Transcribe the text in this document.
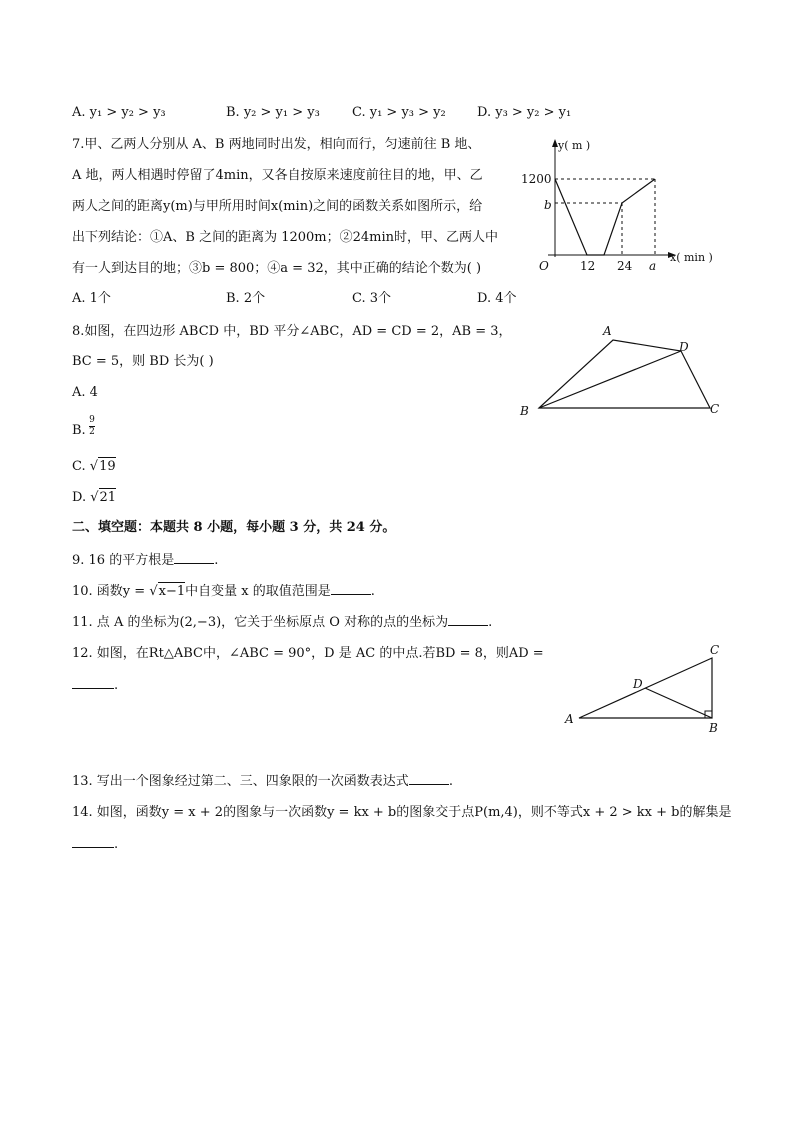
A. y₁ > y₂ > y₃	B. y₂ > y₁ > y₃ C. y₁ > y₃ > y₂ D. y₃ > y₂ > y₁
7.甲、乙两人分别从 A、B 两地同时出发，相向而行，匀速前往 B 地、
A 地，两人相遇时停留了4min，又各自按原来速度前往目的地，甲、乙
两人之间的距离y(m)与甲所用时间x(min)之间的函数关系如图所示，给
出下列结论：①A、B 之间的距离为 1200m；②24min时，甲、乙两人中
有一人到达目的地；③b = 800；④a = 32，其中正确的结论个数为( )
A. 1个	B. 2个	C. 3个	D. 4个
y( m )
x( min )
1200
b
O	12 24 a
8.如图，在四边形 ABCD 中，BD 平分∠ABC，AD = CD = 2，AB = 3，
BC = 5，则 BD 长为( )
A. 4
B.
9
2
C. √19
D. √21
A
B	C
D
二、填空题：本题共 8 小题，每小题 3 分，共 24 分。
9. 16 的平方根是	.
10. 函数y = √x−1中自变量 x 的取值范围是	.
11. 点 A 的坐标为(2,−3)，它关于坐标原点 O 对称的点的坐标为	.
12. 如图，在Rt△ABC中，∠ABC = 90°，D 是 AC 的中点.若BD = 8，则AD =
.
A
B
C
D
13. 写出一个图象经过第二、三、四象限的一次函数表达式	.
14. 如图，函数y = x + 2的图象与一次函数y = kx + b的图象交于点P(m,4)，则不等式x + 2 > kx + b的解集是
.
